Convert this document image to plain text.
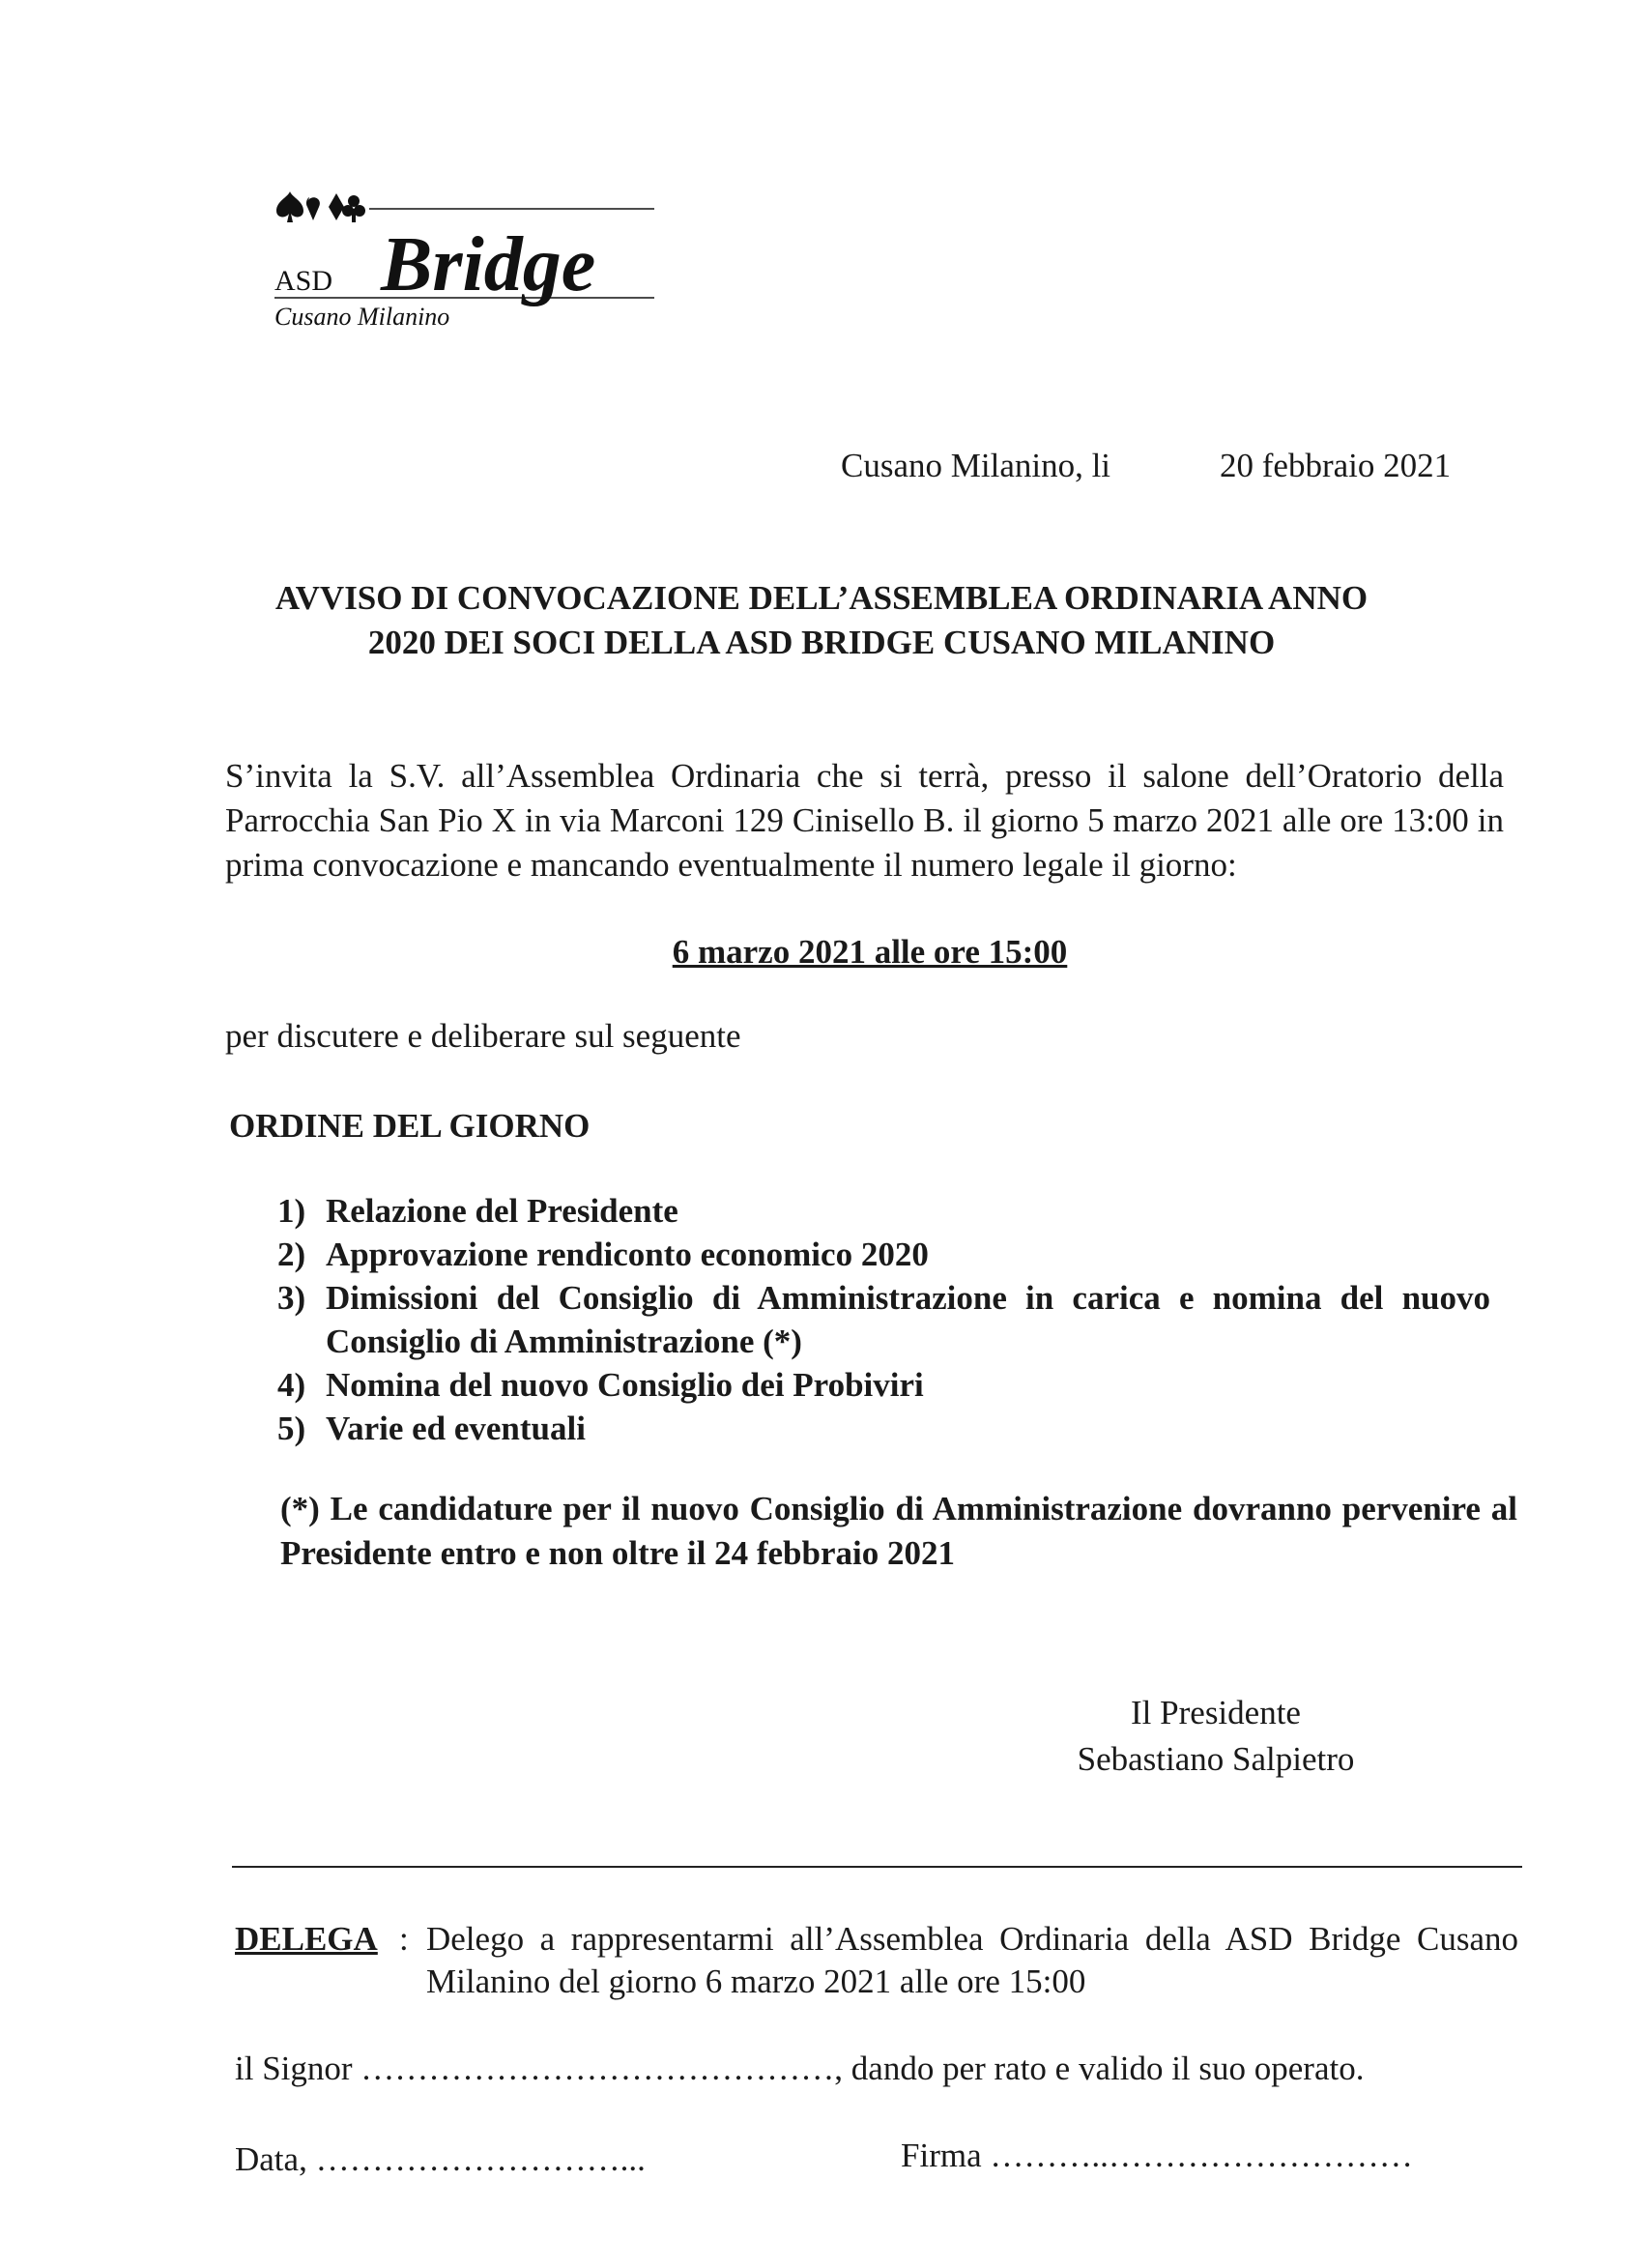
ASD Bridge
Cusano Milanino
Cusano Milanino, li	20 febbraio 2021
AVVISO DI CONVOCAZIONE DELL’ASSEMBLEA ORDINARIA ANNO
2020 DEI SOCI DELLA ASD BRIDGE CUSANO MILANINO
S’invita la S.V. all’Assemblea Ordinaria che si terrà, presso il salone dell’Oratorio della Parrocchia San Pio X in via Marconi 129 Cinisello B. il giorno 5 marzo 2021 alle ore 13:00 in prima convocazione e mancando eventualmente il numero legale il giorno:
6 marzo 2021 alle ore 15:00
per discutere e deliberare sul seguente
ORDINE DEL GIORNO
1) Relazione del Presidente
2) Approvazione rendiconto economico 2020
3) Dimissioni del Consiglio di Amministrazione in carica e nomina del nuovo Consiglio di Amministrazione (*)
4) Nomina del nuovo Consiglio dei Probiviri
5) Varie ed eventuali
(*) Le candidature per il nuovo Consiglio di Amministrazione dovranno pervenire al Presidente entro e non oltre il 24 febbraio 2021
Il Presidente
Sebastiano Salpietro
DELEGA : Delego a rappresentarmi all’Assemblea Ordinaria della ASD Bridge Cusano Milanino del giorno 6 marzo 2021 alle ore 15:00
il Signor ……………………………………, dando per rato e valido il suo operato.
Data, ………………………...	Firma ………..………………………
